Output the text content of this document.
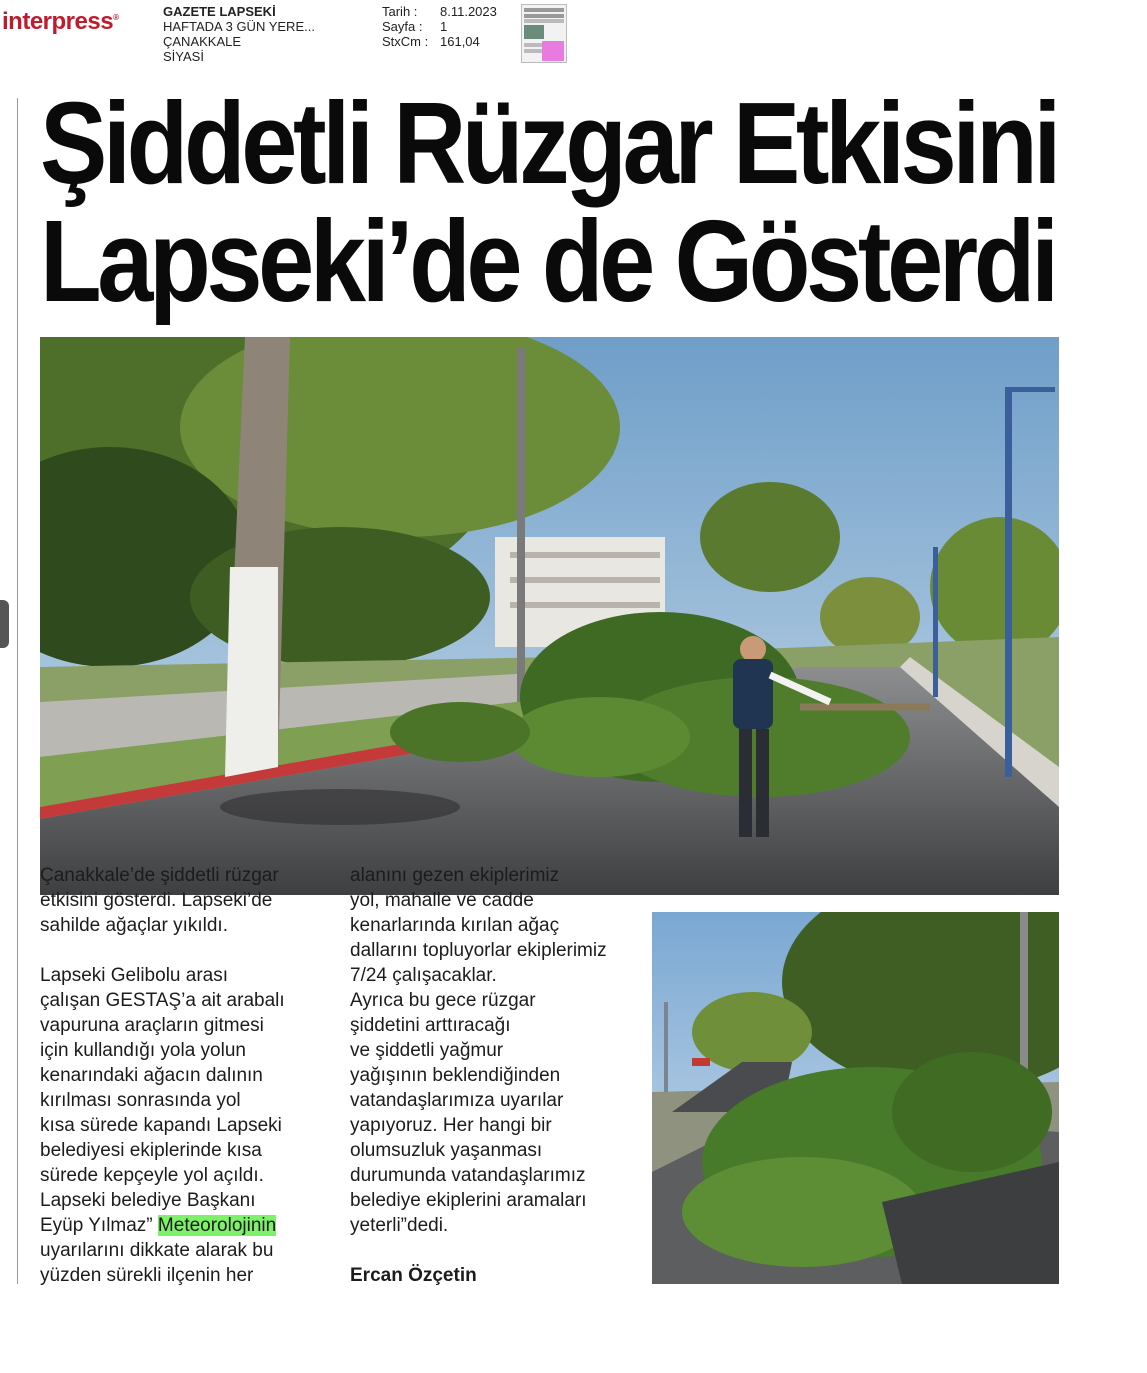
interpress®	GAZETE LAPSEKİ
HAFTADA 3 GÜN YERE...
ÇANAKKALE
SİYASİ
Tarih :	8.11.2023
Sayfa :	1
StxCm : 161,04
Şiddetli Rüzgar Etkisini
Lapseki’de de Gösterdi

Çanakkale’de şiddetli rüzgar
etkisini gösterdi. Lapseki’de
sahilde ağaçlar yıkıldı.

Lapseki Gelibolu arası
çalışan GESTAŞ’a ait arabalı
vapuruna araçların gitmesi
için kullandığı yola yolun
kenarındaki ağacın dalının
kırılması sonrasında yol
kısa sürede kapandı Lapseki
belediyesi ekiplerinde kısa
sürede kepçeyle yol açıldı.
Lapseki belediye Başkanı
Eyüp Yılmaz” Meteorolojinin
uyarılarını dikkate alarak bu
yüzden sürekli ilçenin her

alanını gezen ekiplerimiz
yol, mahalle ve cadde
kenarlarında kırılan ağaç
dallarını topluyorlar ekiplerimiz
7/24 çalışacaklar.
Ayrıca bu gece rüzgar
şiddetini arttıracağı
ve şiddetli yağmur
yağışının beklendiğinden
vatandaşlarımıza uyarılar
yapıyoruz. Her hangi bir
olumsuzluk yaşanması
durumunda vatandaşlarımız
belediye ekiplerini aramaları
yeterli”dedi.

Ercan Özçetin
